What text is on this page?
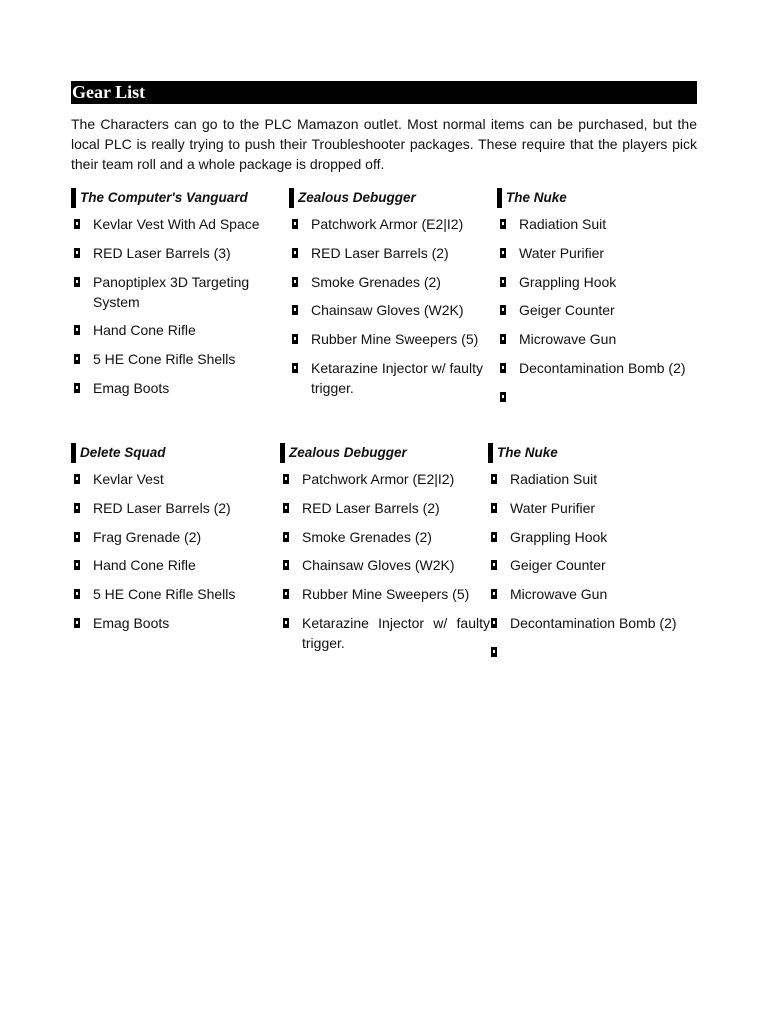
Gear List

The Characters can go to the PLC Mamazon outlet. Most normal items can be purchased, but the local PLC is really trying to push their Troubleshooter packages. These require that the players pick their team roll and a whole package is dropped off.

The Computer's Vanguard
Kevlar Vest With Ad Space
RED Laser Barrels (3)
Panoptiplex 3D Targeting System
Hand Cone Rifle
5 HE Cone Rifle Shells
Emag Boots
Zealous Debugger
Patchwork Armor (E2|I2)
RED Laser Barrels (2)
Smoke Grenades (2)
Chainsaw Gloves (W2K)
Rubber Mine Sweepers (5)
Ketarazine Injector w/ faulty trigger.
The Nuke
Radiation Suit
Water Purifier
Grappling Hook
Geiger Counter
Microwave Gun
Decontamination Bomb (2)
Delete Squad
Kevlar Vest
RED Laser Barrels (2)
Frag Grenade (2)
Hand Cone Rifle
5 HE Cone Rifle Shells
Emag Boots
Zealous Debugger
Patchwork Armor (E2|I2)
RED Laser Barrels (2)
Smoke Grenades (2)
Chainsaw Gloves (W2K)
Rubber Mine Sweepers (5)
Ketarazine Injector w/ faulty trigger.
The Nuke
Radiation Suit
Water Purifier
Grappling Hook
Geiger Counter
Microwave Gun
Decontamination Bomb (2)
